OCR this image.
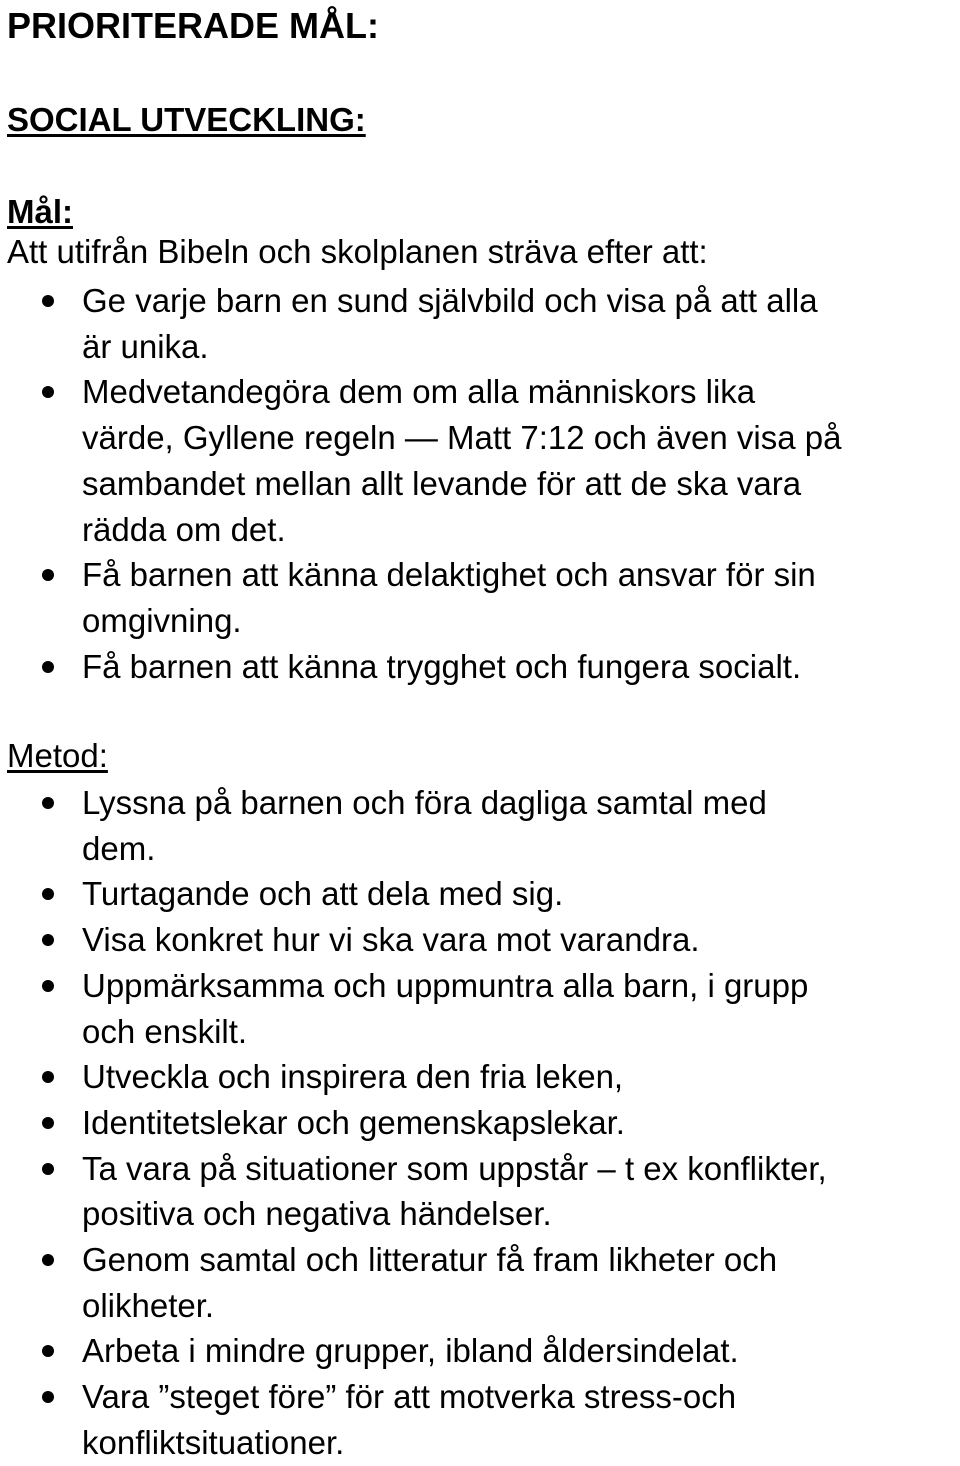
PRIORITERADE MÅL:
SOCIAL UTVECKLING:
Mål:
Att utifrån Bibeln och skolplanen sträva efter att:
Ge varje barn en sund självbild och visa på att alla
är unika.
Medvetandegöra dem om alla människors lika
värde, Gyllene regeln — Matt 7:12 och även visa på
sambandet mellan allt levande för att de ska vara
rädda om det.
Få barnen att känna delaktighet och ansvar för sin
omgivning.
Få barnen att känna trygghet och fungera socialt.
Metod:
Lyssna på barnen och föra dagliga samtal med
dem.
Turtagande och att dela med sig.
Visa konkret hur vi ska vara mot varandra.
Uppmärksamma och uppmuntra alla barn, i grupp
och enskilt.
Utveckla och inspirera den fria leken,
Identitetslekar och gemenskapslekar.
Ta vara på situationer som uppstår – t ex konflikter,
positiva och negativa händelser.
Genom samtal och litteratur få fram likheter och
olikheter.
Arbeta i mindre grupper, ibland åldersindelat.
Vara ”steget före” för att motverka stress-och
konfliktsituationer.
